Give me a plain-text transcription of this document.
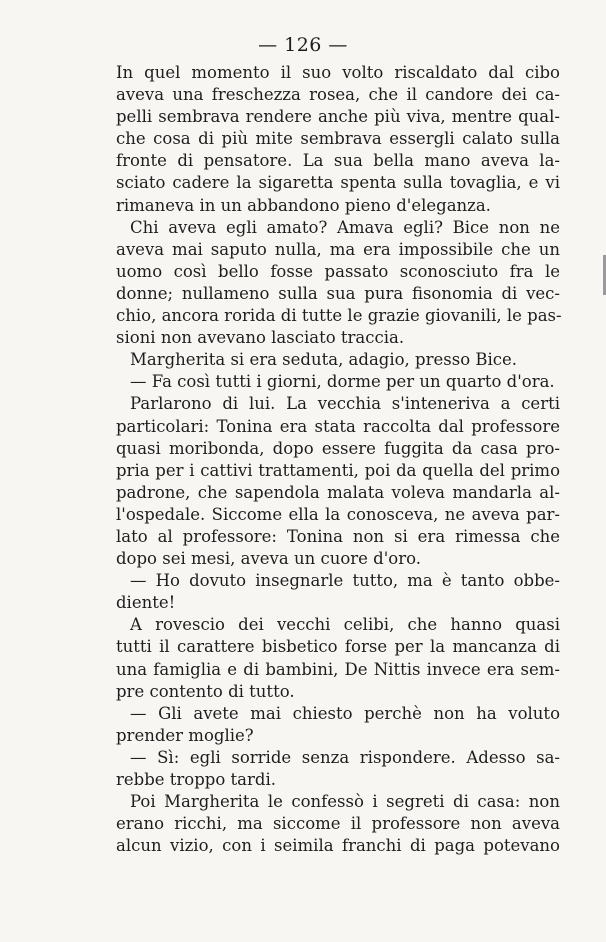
— 126 —
In quel momento il suo volto riscaldato dal cibo
aveva una freschezza rosea, che il candore dei ca-
pelli sembrava rendere anche più viva, mentre qual-
che cosa di più mite sembrava essergli calato sulla
fronte di pensatore. La sua bella mano aveva la-
sciato cadere la sigaretta spenta sulla tovaglia, e vi
rimaneva in un abbandono pieno d'eleganza.
Chi aveva egli amato? Amava egli? Bice non ne
aveva mai saputo nulla, ma era impossibile che un
uomo così bello fosse passato sconosciuto fra le
donne; nullameno sulla sua pura fisonomia di vec-
chio, ancora rorida di tutte le grazie giovanili, le pas-
sioni non avevano lasciato traccia.
Margherita si era seduta, adagio, presso Bice.
— Fa così tutti i giorni, dorme per un quarto d'ora.
Parlarono di lui. La vecchia s'inteneriva a certi
particolari: Tonina era stata raccolta dal professore
quasi moribonda, dopo essere fuggita da casa pro-
pria per i cattivi trattamenti, poi da quella del primo
padrone, che sapendola malata voleva mandarla al-
l'ospedale. Siccome ella la conosceva, ne aveva par-
lato al professore: Tonina non si era rimessa che
dopo sei mesi, aveva un cuore d'oro.
— Ho dovuto insegnarle tutto, ma è tanto obbe-
diente!
A rovescio dei vecchi celibi, che hanno quasi
tutti il carattere bisbetico forse per la mancanza di
una famiglia e di bambini, De Nittis invece era sem-
pre contento di tutto.
— Gli avete mai chiesto perchè non ha voluto
prender moglie?
— Sì: egli sorride senza rispondere. Adesso sa-
rebbe troppo tardi.
Poi Margherita le confessò i segreti di casa: non
erano ricchi, ma siccome il professore non aveva
alcun vizio, con i seimila franchi di paga potevano
